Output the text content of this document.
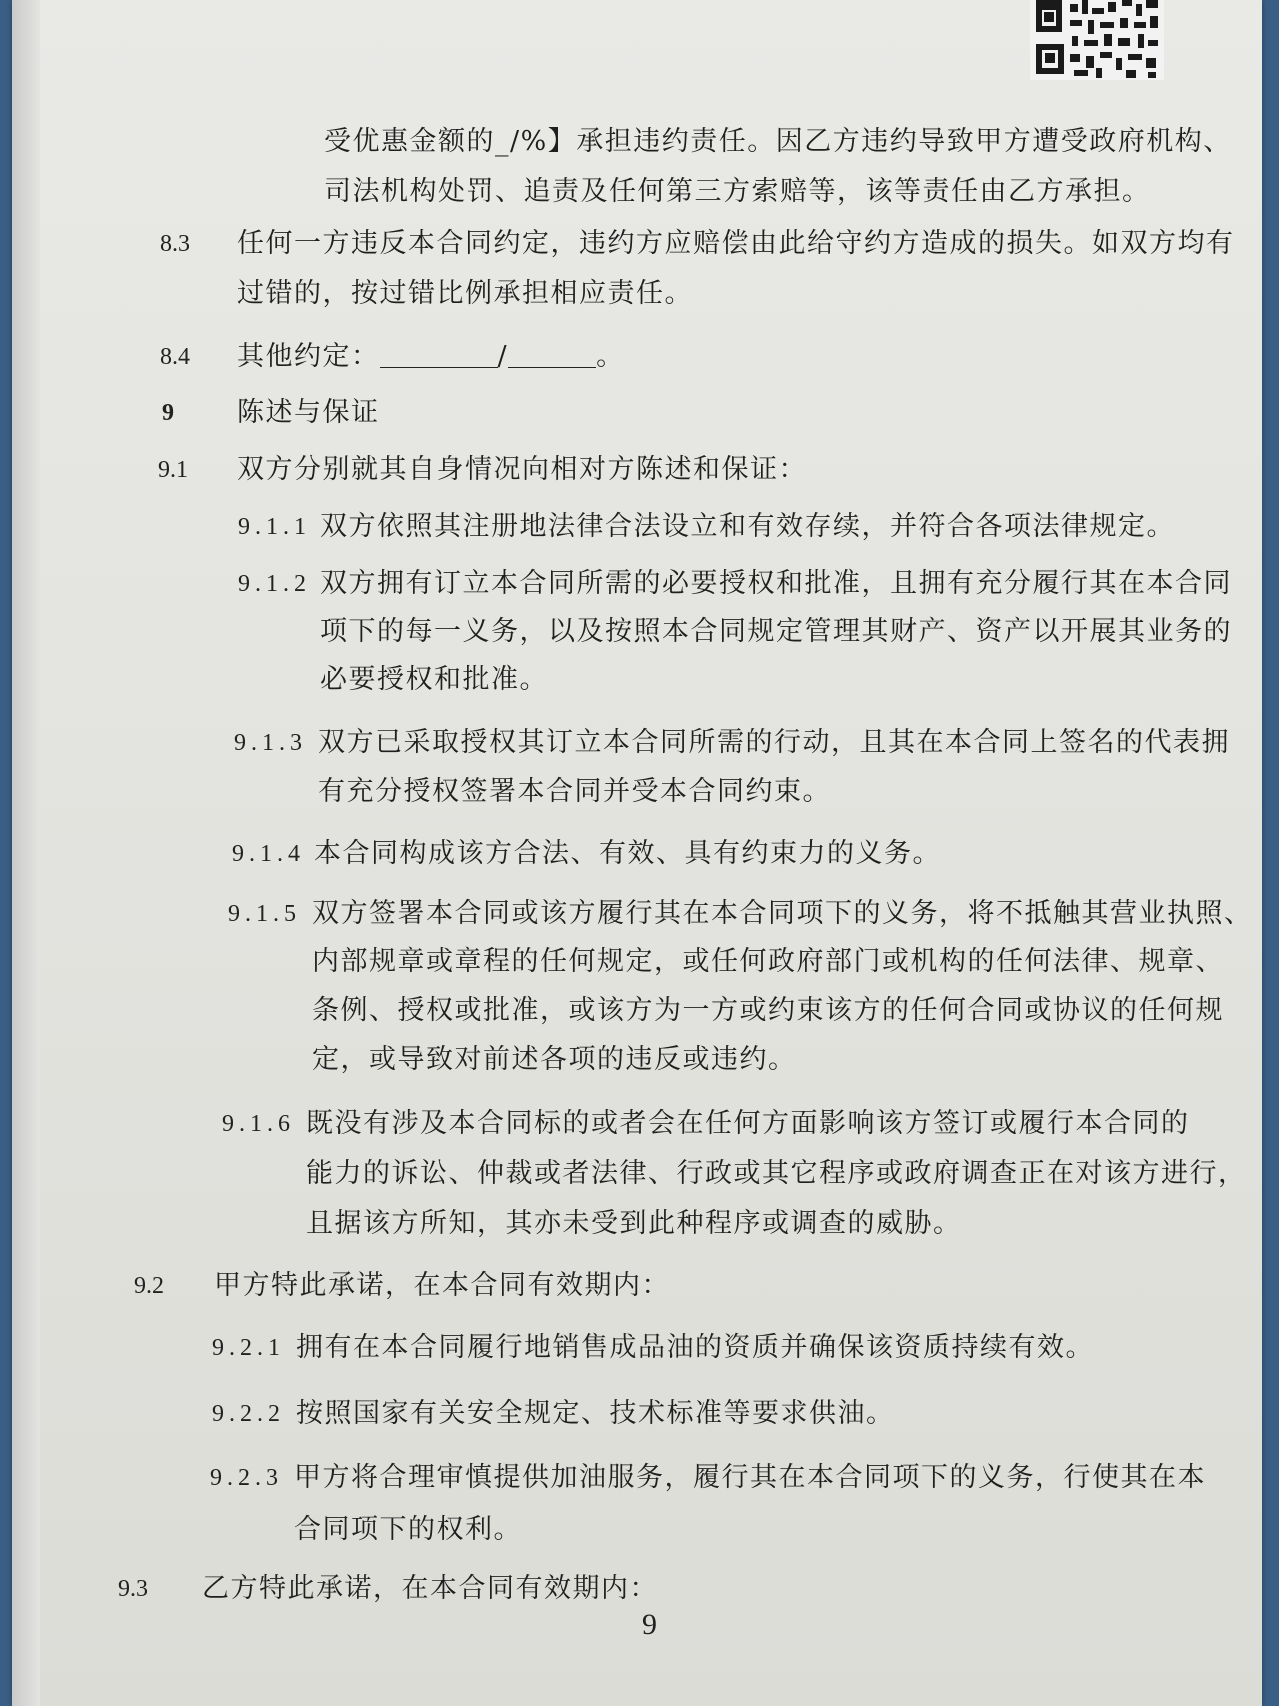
受优惠金额的_/%】承担违约责任。因乙方违约导致甲方遭受政府机构、
司法机构处罚、追责及任何第三方索赔等，该等责任由乙方承担。
8.3 任何一方违反本合同约定，违约方应赔偿由此给守约方造成的损失。如双方均有
过错的，按过错比例承担相应责任。
8.4 其他约定：	/	。
9 陈述与保证
9.1 双方分别就其自身情况向相对方陈述和保证：
9.1.1 双方依照其注册地法律合法设立和有效存续，并符合各项法律规定。
9.1.2 双方拥有订立本合同所需的必要授权和批准，且拥有充分履行其在本合同
项下的每一义务，以及按照本合同规定管理其财产、资产以开展其业务的
必要授权和批准。
9.1.3 双方已采取授权其订立本合同所需的行动，且其在本合同上签名的代表拥
有充分授权签署本合同并受本合同约束。
9.1.4 本合同构成该方合法、有效、具有约束力的义务。
9.1.5 双方签署本合同或该方履行其在本合同项下的义务，将不抵触其营业执照、
内部规章或章程的任何规定，或任何政府部门或机构的任何法律、规章、
条例、授权或批准，或该方为一方或约束该方的任何合同或协议的任何规
定，或导致对前述各项的违反或违约。
9.1.6 既没有涉及本合同标的或者会在任何方面影响该方签订或履行本合同的
能力的诉讼、仲裁或者法律、行政或其它程序或政府调查正在对该方进行，
且据该方所知，其亦未受到此种程序或调查的威胁。
9.2 甲方特此承诺，在本合同有效期内：
9.2.1 拥有在本合同履行地销售成品油的资质并确保该资质持续有效。
9.2.2 按照国家有关安全规定、技术标准等要求供油。
9.2.3 甲方将合理审慎提供加油服务，履行其在本合同项下的义务，行使其在本
合同项下的权利。
9.3 乙方特此承诺，在本合同有效期内：
9
